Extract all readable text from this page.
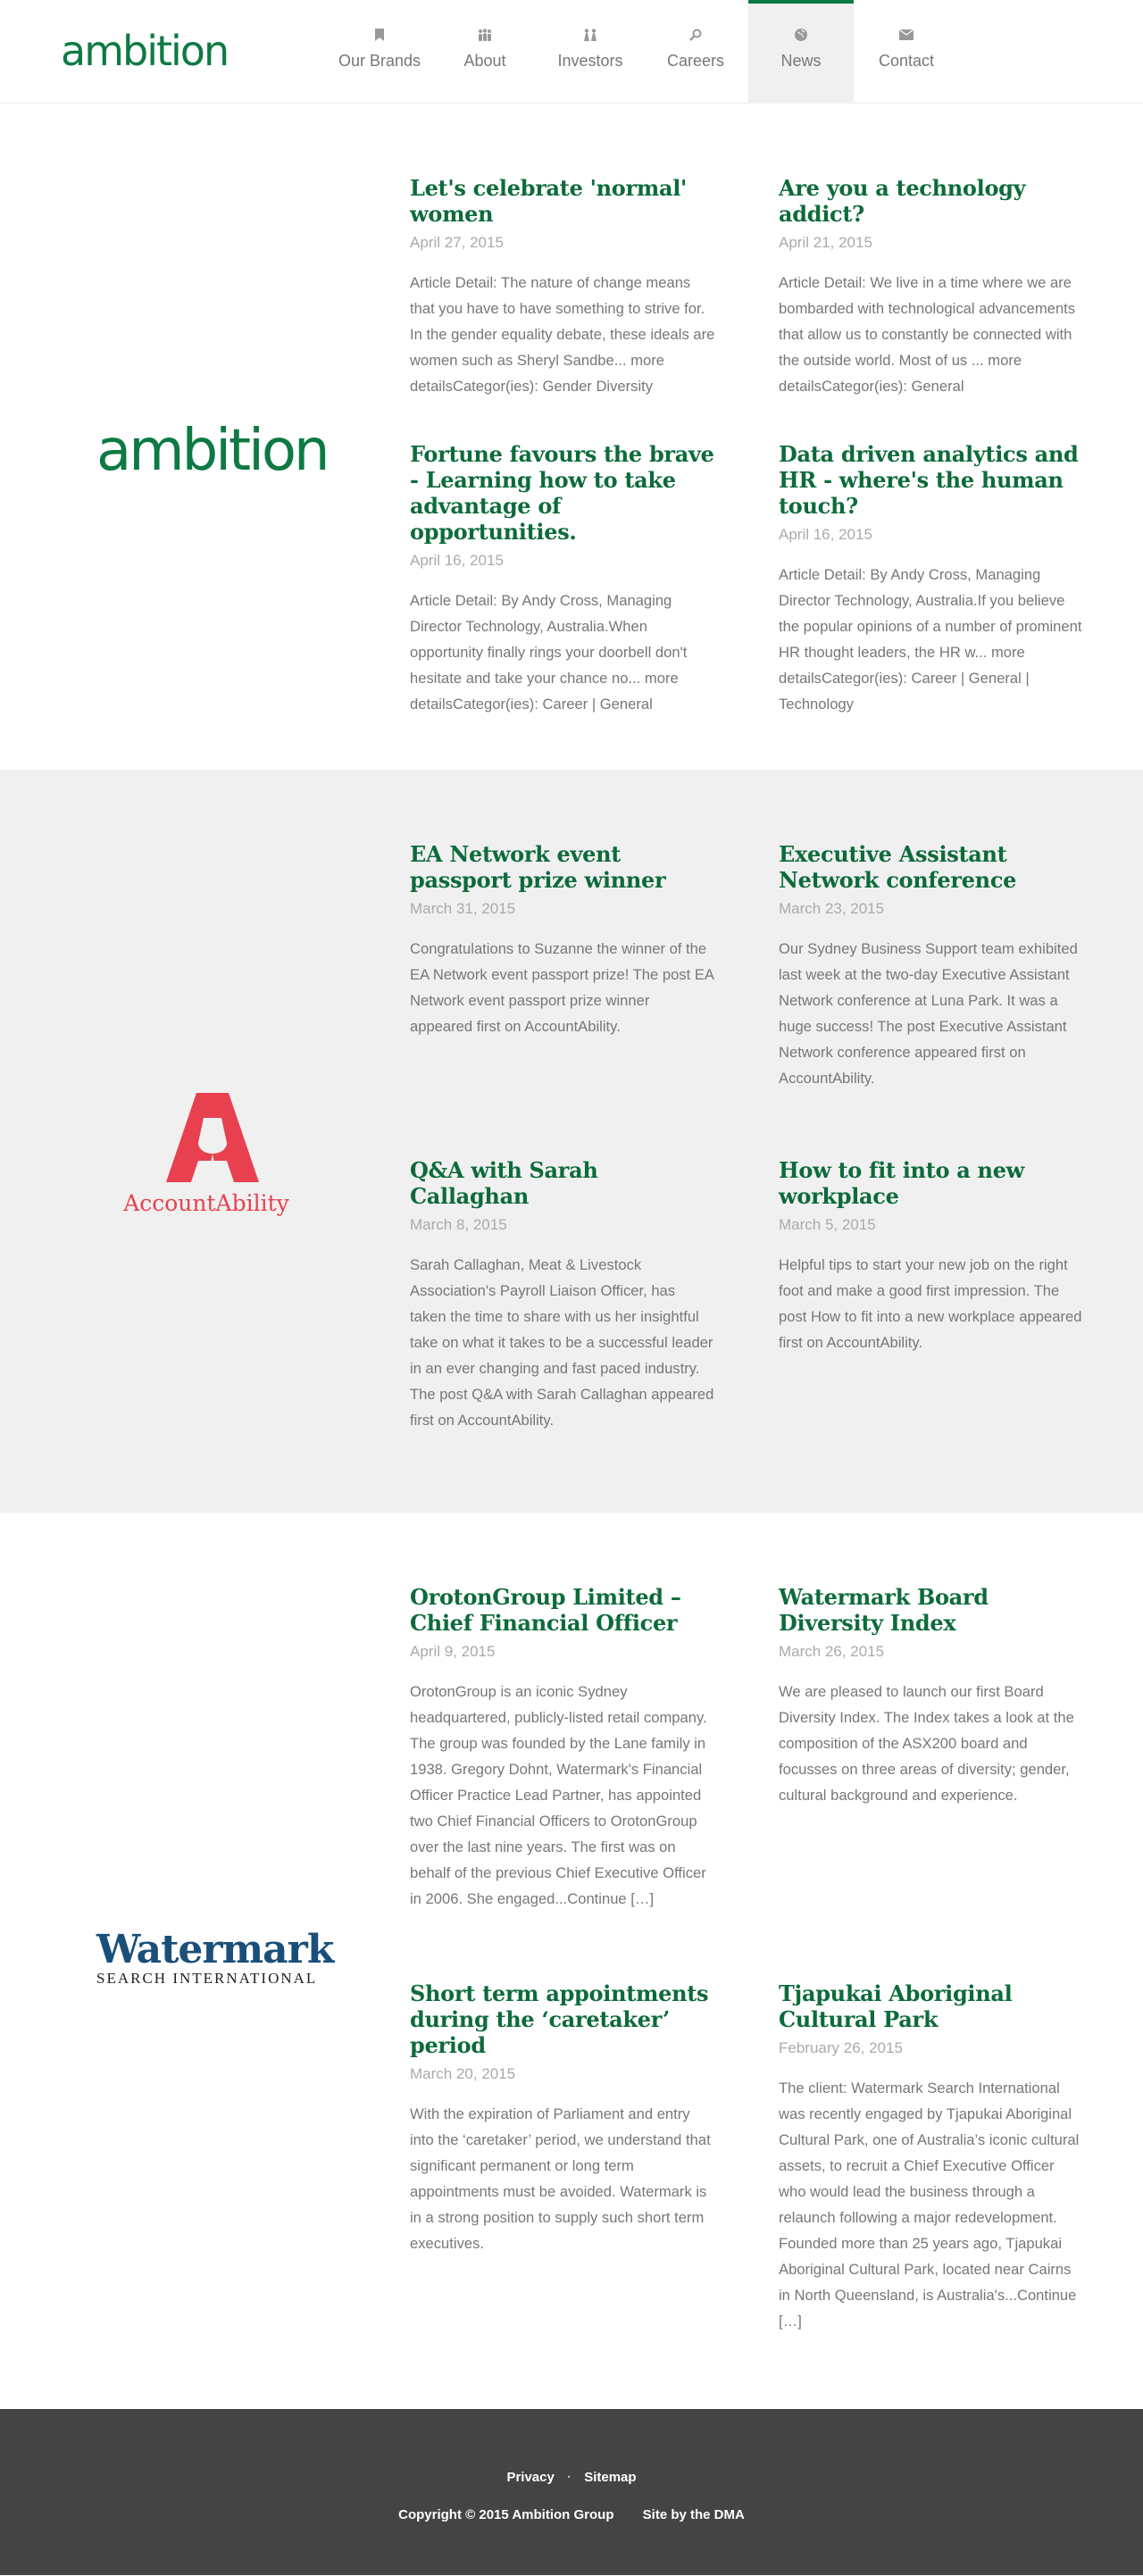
ambition	Our Brands	About	Investors	Careers	News	Contact
ambition
Let's celebrate 'normal' women
April 27, 2015
Article Detail: The nature of change means that you have to have something to strive for. In the gender equality debate, these ideals are women such as Sheryl Sandbe... more detailsCategor(ies): Gender Diversity
Are you a technology addict?
April 21, 2015
Article Detail: We live in a time where we are bombarded with technological advancements that allow us to constantly be connected with the outside world. Most of us ... more detailsCategor(ies): General
Fortune favours the brave - Learning how to take advantage of opportunities.
April 16, 2015
Article Detail: By Andy Cross, Managing Director Technology, Australia.When opportunity finally rings your doorbell don't hesitate and take your chance no... more detailsCategor(ies): Career | General
Data driven analytics and HR - where's the human touch?
April 16, 2015
Article Detail: By Andy Cross, Managing Director Technology, Australia.If you believe the popular opinions of a number of prominent HR thought leaders, the HR w... more detailsCategor(ies): Career | General | Technology
AccountAbility
EA Network event passport prize winner
March 31, 2015
Congratulations to Suzanne the winner of the EA Network event passport prize! The post EA Network event passport prize winner appeared first on AccountAbility.
Executive Assistant Network conference
March 23, 2015
Our Sydney Business Support team exhibited last week at the two-day Executive Assistant Network conference at Luna Park. It was a huge success! The post Executive Assistant Network conference appeared first on AccountAbility.
Q&A with Sarah Callaghan
March 8, 2015
Sarah Callaghan, Meat & Livestock Association's Payroll Liaison Officer, has taken the time to share with us her insightful take on what it takes to be a successful leader in an ever changing and fast paced industry. The post Q&A with Sarah Callaghan appeared first on AccountAbility.
How to fit into a new workplace
March 5, 2015
Helpful tips to start your new job on the right foot and make a good first impression. The post How to fit into a new workplace appeared first on AccountAbility.
Watermark
SEARCH INTERNATIONAL
OrotonGroup Limited – Chief Financial Officer
April 9, 2015
OrotonGroup is an iconic Sydney headquartered, publicly-listed retail company. The group was founded by the Lane family in 1938. Gregory Dohnt, Watermark's Financial Officer Practice Lead Partner, has appointed two Chief Financial Officers to OrotonGroup over the last nine years. The first was on behalf of the previous Chief Executive Officer in 2006. She engaged...Continue […]
Watermark Board Diversity Index
March 26, 2015
We are pleased to launch our first Board Diversity Index. The Index takes a look at the composition of the ASX200 board and focusses on three areas of diversity; gender, cultural background and experience.
Short term appointments during the ‘caretaker’ period
March 20, 2015
With the expiration of Parliament and entry into the ‘caretaker’ period, we understand that significant permanent or long term appointments must be avoided. Watermark is in a strong position to supply such short term executives.
Tjapukai Aboriginal Cultural Park
February 26, 2015
The client: Watermark Search International was recently engaged by Tjapukai Aboriginal Cultural Park, one of Australia’s iconic cultural assets, to recruit a Chief Executive Officer who would lead the business through a relaunch following a major redevelopment. Founded more than 25 years ago, Tjapukai Aboriginal Cultural Park, located near Cairns in North Queensland, is Australia's...Continue […]
Privacy · Sitemap
Copyright © 2015 Ambition Group Site by the DMA
